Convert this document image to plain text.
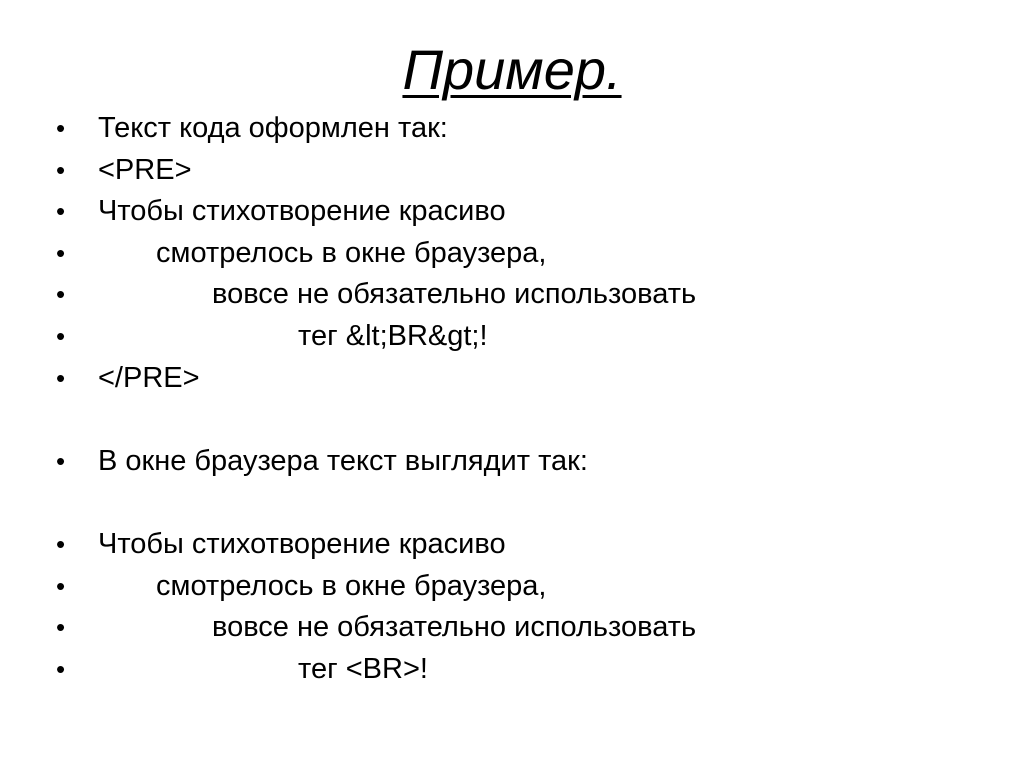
Пример.
•	Текст кода оформлен так:
•	<PRE>
•	Чтобы стихотворение красиво
•	смотрелось в окне браузера,
•	вовсе не обязательно использовать
•	тег &lt;BR&gt;!
•	</PRE>
•	В окне браузера текст выглядит так:
•	Чтобы стихотворение красиво
•	смотрелось в окне браузера,
•	вовсе не обязательно использовать
•	тег <BR>!
